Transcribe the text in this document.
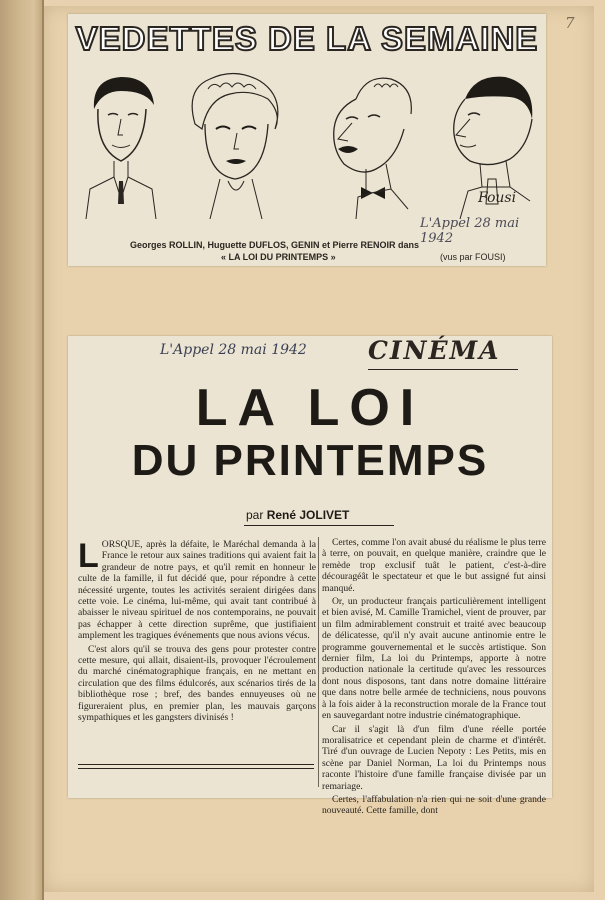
7
VEDETTES DE LA SEMAINE
L'Appel 28 mai 1942
Fousi
Georges ROLLIN, Huguette DUFLOS, GENIN et Pierre RENOIR dans
« LA LOI DU PRINTEMPS »	(vus par FOUSI)
L'Appel 28 mai 1942 CINÉMA
LA LOI
DU PRINTEMPS
par René JOLIVET

LORSQUE, après la défaite, le Maréchal demanda à la France le retour aux saines traditions qui avaient fait la grandeur de notre pays, et qu'il remit en honneur le culte de la famille, il fut décidé que, pour répondre à cette nécessité urgente, toutes les activités seraient dirigées dans cette voie. Le cinéma, lui-même, qui avait tant contribué à abaisser le niveau spirituel de nos contemporains, ne pouvait pas échapper à cette direction suprême, que justifiaient amplement les tragiques événements que nous avions vécus.

C'est alors qu'il se trouva des gens pour protester contre cette mesure, qui allait, disaient-ils, provoquer l'écroulement du marché cinématographique français, en ne mettant en circulation que des films édulcorés, aux scénarios tirés de la bibliothèque rose ; bref, des bandes ennuyeuses où ne figureraient plus, en premier plan, les mauvais garçons sympathiques et les gangsters divinisés !

Certes, comme l'on avait abusé du réalisme le plus terre à terre, on pouvait, en quelque manière, craindre que le remède trop exclusif tuât le patient, c'est-à-dire découragéât le spectateur et que le but assigné fut ainsi manqué.

Or, un producteur français particulièrement intelligent et bien avisé, M. Camille Tramichel, vient de prouver, par un film admirablement construit et traité avec beaucoup de délicatesse, qu'il n'y avait aucune antinomie entre le programme gouvernemental et le succès artistique. Son dernier film, La loi du Printemps, apporte à notre production nationale la certitude qu'avec les ressources dont nous disposons, tant dans notre domaine littéraire que dans notre belle armée de techniciens, nous pouvons à la fois aider à la reconstruction morale de la France tout en sauvegardant notre industrie cinématographique.

Car il s'agit là d'un film d'une réelle portée moralisatrice et cependant plein de charme et d'intérêt. Tiré d'un ouvrage de Lucien Nepoty : Les Petits, mis en scène par Daniel Norman, La loi du Printemps nous raconte l'histoire d'une famille française divisée par un remariage.

Certes, l'affabulation n'a rien qui ne soit d'une grande nouveauté. Cette famille, dont
